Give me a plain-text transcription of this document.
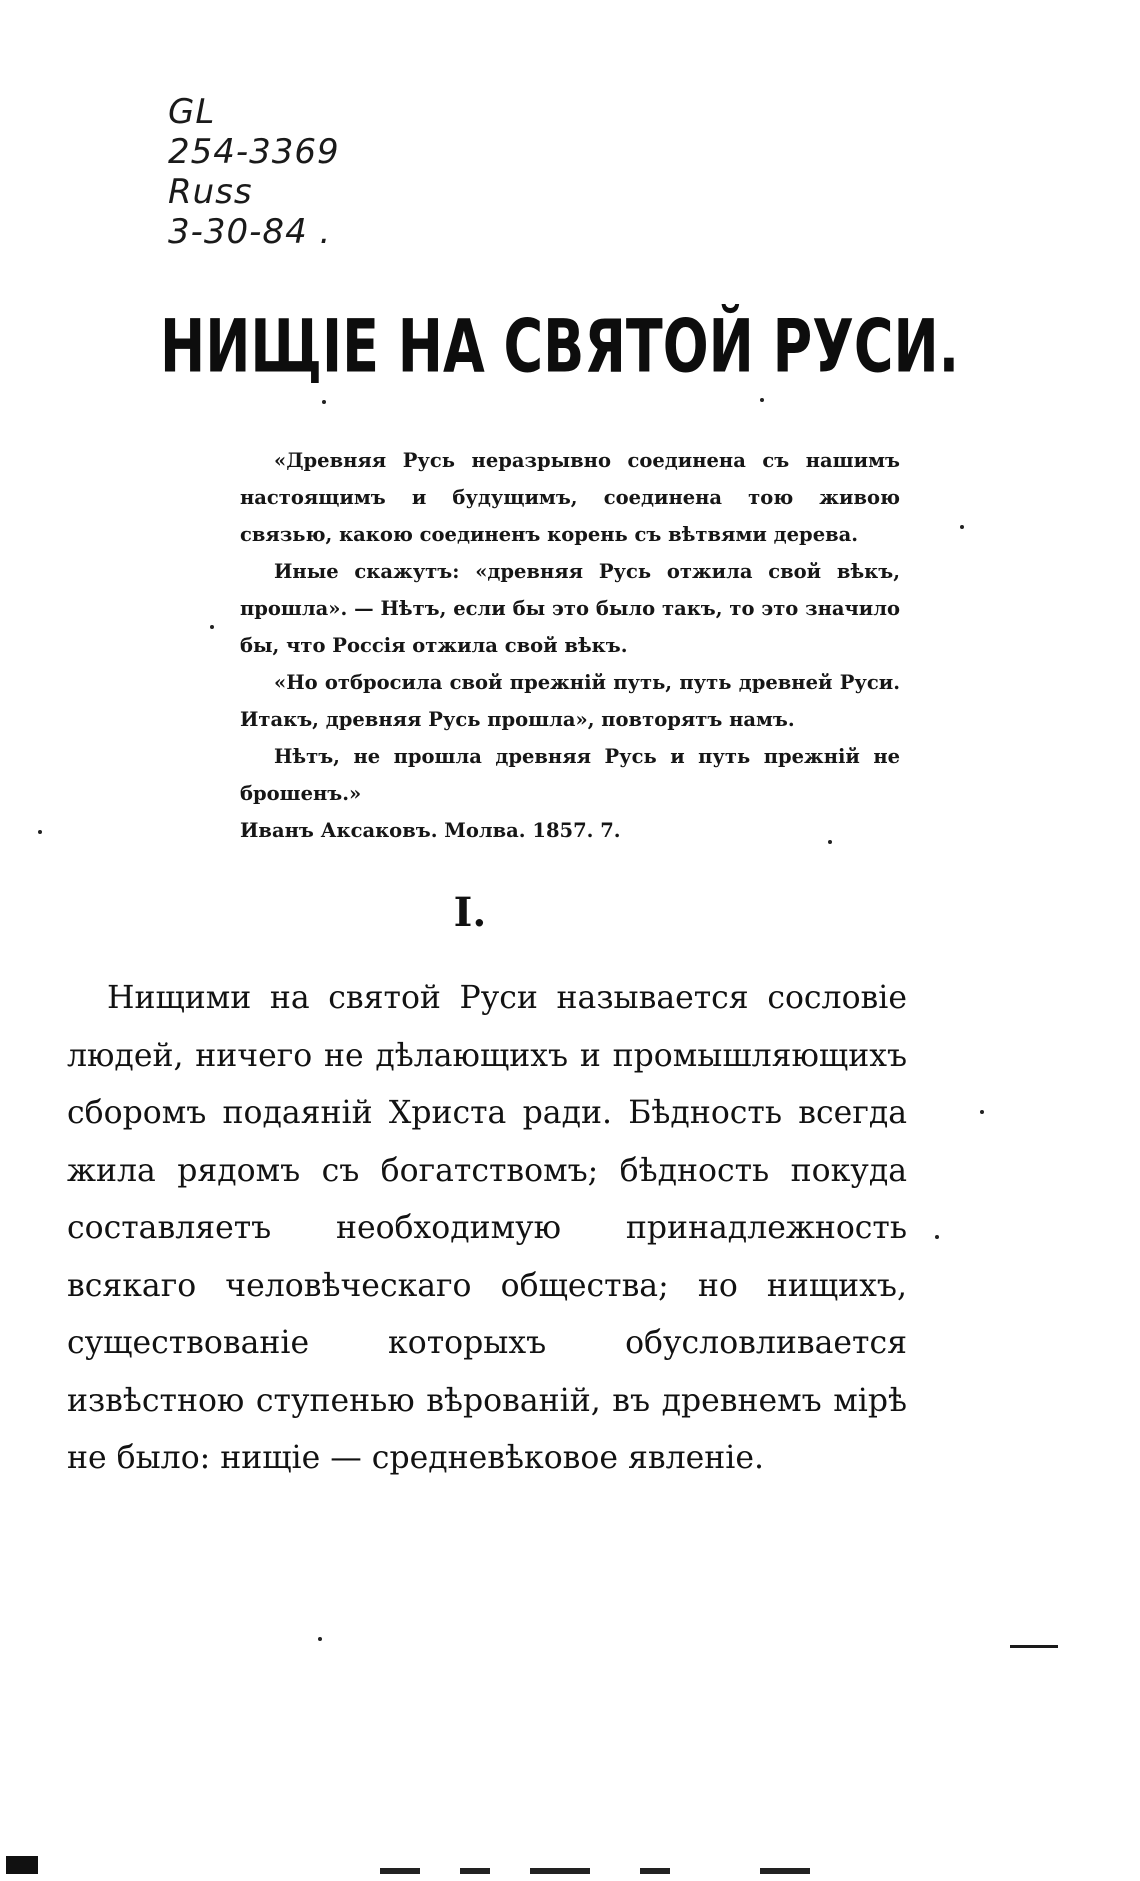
GL
254-3369
Russ
3-30-84 .
НИЩІЕ НА СВЯТОЙ РУСИ.

«Древняя Русь неразрывно соединена съ нашимъ настоящимъ и будущимъ, соединена тою живою связью, какою соединенъ корень съ вѣтвями дерева.

Иные скажутъ: «древняя Русь отжила свой вѣкъ, прошла». — Нѣтъ, если бы это было такъ, то это значило бы, что Россія отжила свой вѣкъ.

«Но отбросила свой прежній путь, путь древней Руси. Итакъ, древняя Русь прошла», повторятъ намъ.

Нѣтъ, не прошла древняя Русь и путь прежній не брошенъ.»

Иванъ Аксаковъ. Молва. 1857. 7.

I.

Нищими на святой Руси называется сословіе людей, ничего не дѣлающихъ и промышляющихъ сборомъ подаяній Христа ради. Бѣдность всегда жила рядомъ съ богатствомъ; бѣдность покуда составляетъ необходимую принадлежность всякаго человѣческаго общества; но нищихъ, существованіе которыхъ обусловливается извѣстною ступенью вѣрованій, въ древнемъ мірѣ не было: нищіе — средневѣковое явленіе.
